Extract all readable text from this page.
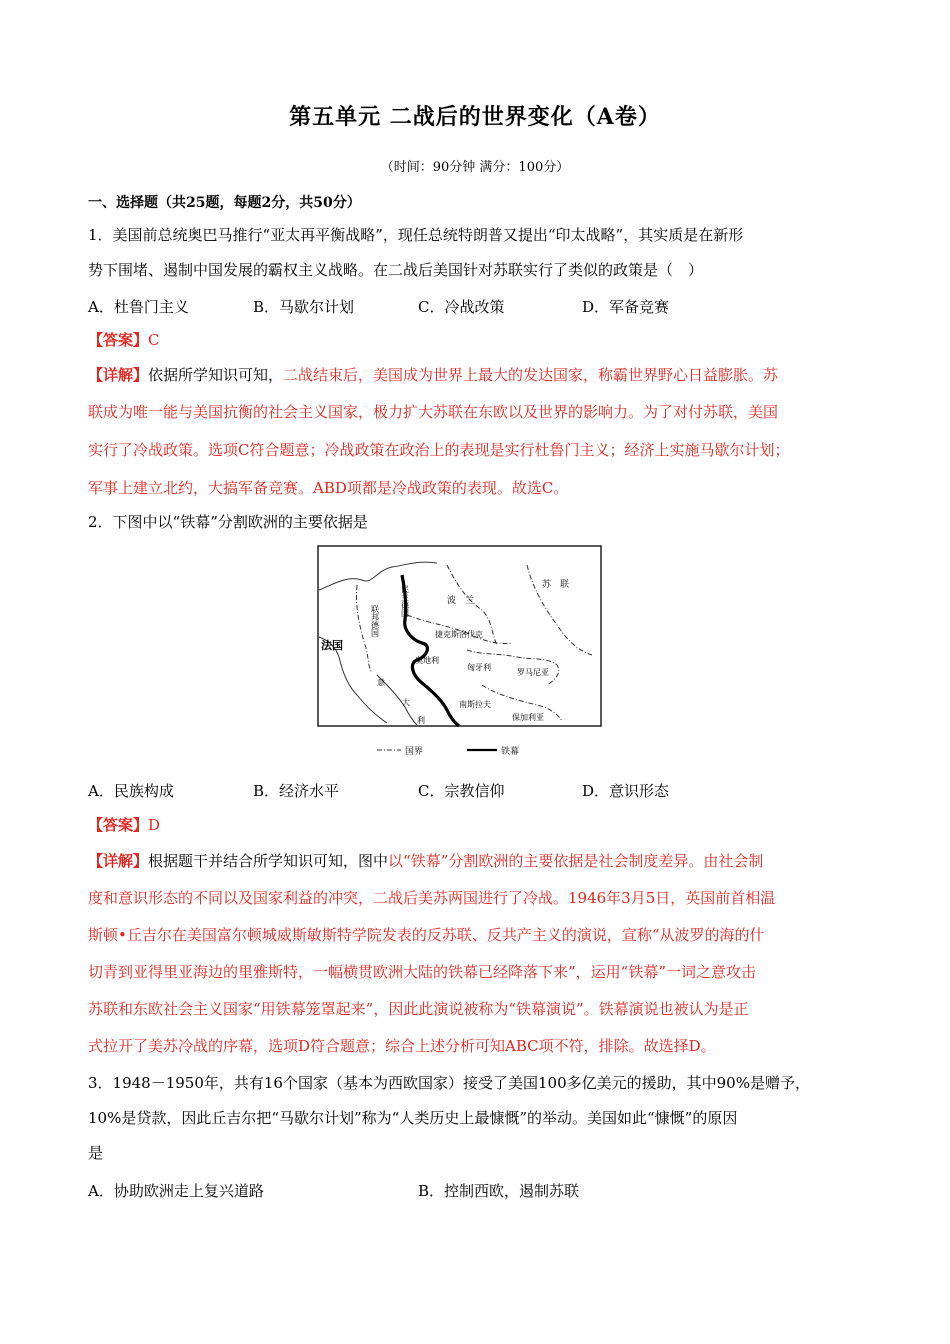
第五单元 二战后的世界变化（A卷）
（时间：90分钟 满分：100分）
一、选择题（共25题，每题2分，共50分）
1．美国前总统奥巴马推行“亚太再平衡战略”，现任总统特朗普又提出“印太战略”，其实质是在新形
势下围堵、遏制中国发展的霸权主义战略。在二战后美国针对苏联实行了类似的政策是（　）
A．杜鲁门主义	B．马歇尔计划	C．冷战改策	D．军备竞赛
【答案】C
【详解】依据所学知识可知，二战结束后，美国成为世界上最大的发达国家，称霸世界野心日益膨胀。苏
联成为唯一能与美国抗衡的社会主义国家，极力扩大苏联在东欧以及世界的影响力。为了对付苏联，美国
实行了冷战政策。选项C符合题意；冷战政策在政治上的表现是实行杜鲁门主义；经济上实施马歇尔计划；
军事上建立北约，大搞军备竞赛。ABD项都是冷战政策的表现。故选C。
2．下图中以“铁幕”分割欧洲的主要依据是
苏　联
民主德国
联邦德国
波　兰
捷克斯洛伐克
法国
奥地利
匈牙利
罗马尼亚
意
大
利
南斯拉夫
保加利亚
国界	铁幕
A．民族构成	B．经济水平	C．宗教信仰	D．意识形态
【答案】D
【详解】根据题干并结合所学知识可知，图中以“铁幕”分割欧洲的主要依据是社会制度差异。由社会制
度和意识形态的不同以及国家利益的冲突，二战后美苏两国进行了冷战。1946年3月5日，英国前首相温
斯顿•丘吉尔在美国富尔顿城威斯敏斯特学院发表的反苏联、反共产主义的演说，宣称“从波罗的海的什
切青到亚得里亚海边的里雅斯特，一幅横贯欧洲大陆的铁幕已经降落下来”，运用“铁幕”一词之意攻击
苏联和东欧社会主义国家“用铁幕笼罩起来”，因此此演说被称为“铁幕演说”。铁幕演说也被认为是正
式拉开了美苏冷战的序幕，选项D符合题意；综合上述分析可知ABC项不符，排除。故选择D。
3．1948－1950年，共有16个国家（基本为西欧国家）接受了美国100多亿美元的援助，其中90%是赠予，
10%是贷款，因此丘吉尔把“马歇尔计划”称为“人类历史上最慷慨”的举动。美国如此“慷慨”的原因
是
A．协助欧洲走上复兴道路	B．控制西欧，遏制苏联
